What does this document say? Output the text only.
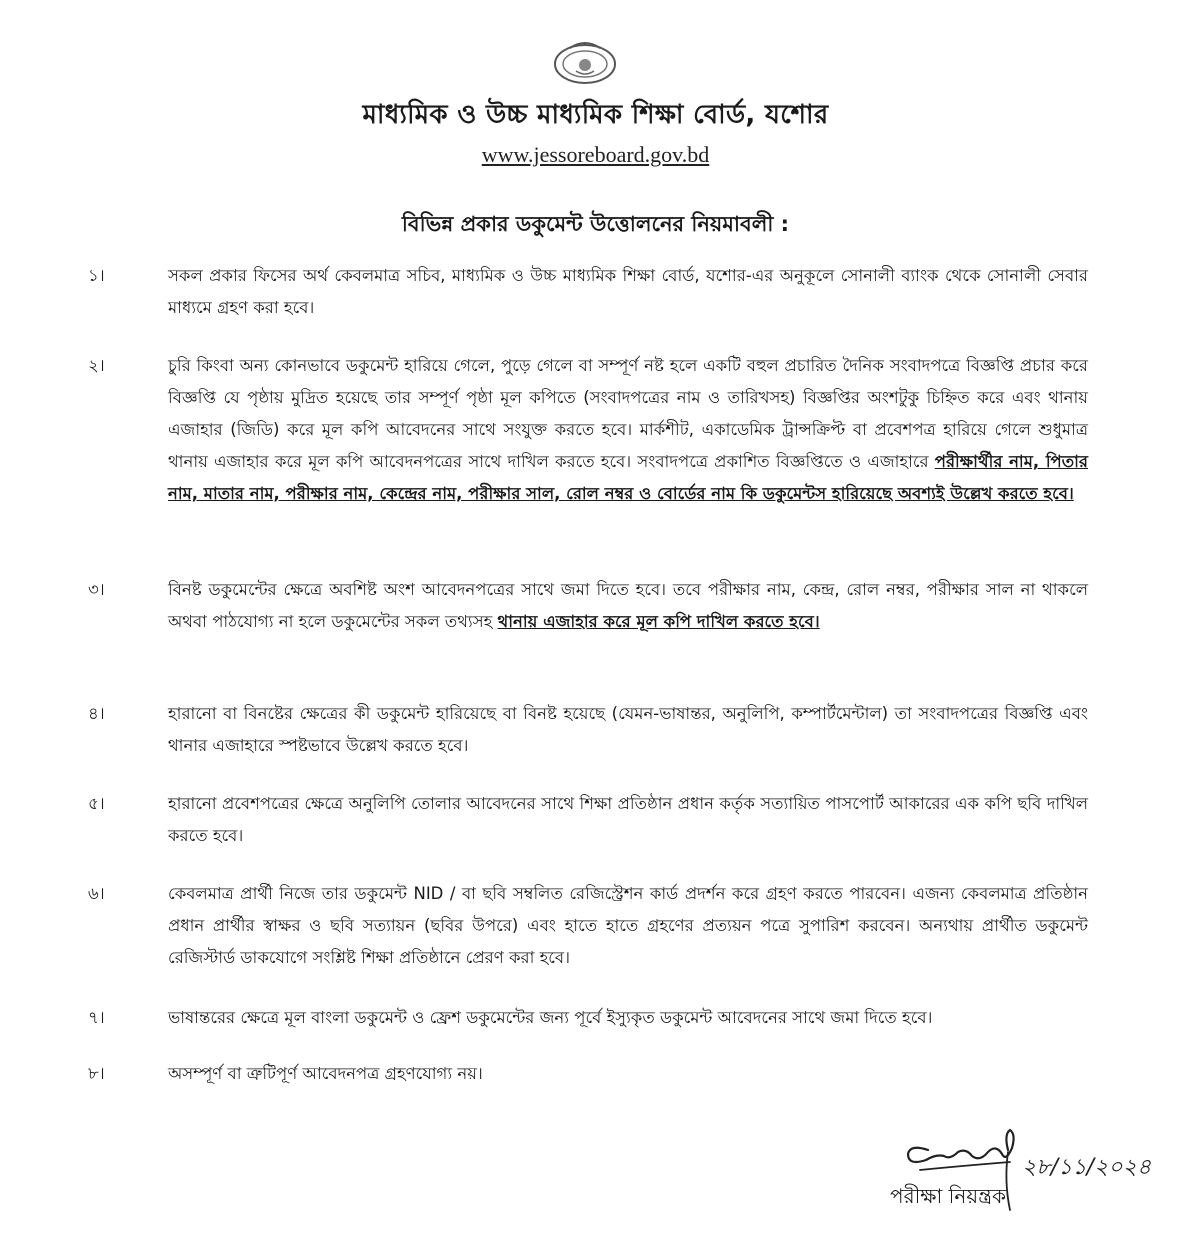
মাধ্যমিক ও উচ্চ মাধ্যমিক শিক্ষা বোর্ড, যশোর
www.jessoreboard.gov.bd
বিভিন্ন প্রকার ডকুমেন্ট উত্তোলনের নিয়মাবলী :
১।	সকল প্রকার ফিসের অর্থ কেবলমাত্র সচিব, মাধ্যমিক ও উচ্চ মাধ্যমিক শিক্ষা বোর্ড, যশোর-এর অনুকূলে সোনালী ব্যাংক থেকে সোনালী সেবার মাধ্যমে গ্রহণ করা হবে।
২।	চুরি কিংবা অন্য কোনভাবে ডকুমেন্ট হারিয়ে গেলে, পুড়ে গেলে বা সম্পূর্ণ নষ্ট হলে একটি বহুল প্রচারিত দৈনিক সংবাদপত্রে বিজ্ঞপ্তি প্রচার করে বিজ্ঞপ্তি যে পৃষ্ঠায় মুদ্রিত হয়েছে তার সম্পূর্ণ পৃষ্ঠা মূল কপিতে (সংবাদপত্রের নাম ও তারিখসহ) বিজ্ঞপ্তির অংশটুকু চিহ্নিত করে এবং থানায় এজাহার (জিডি) করে মূল কপি আবেদনের সাথে সংযুক্ত করতে হবে। মার্কশীট, একাডেমিক ট্রান্সক্রিপ্ট বা প্রবেশপত্র হারিয়ে গেলে শুধুমাত্র থানায় এজাহার করে মূল কপি আবেদনপত্রের সাথে দাখিল করতে হবে। সংবাদপত্রে প্রকাশিত বিজ্ঞপ্তিতে ও এজাহারে পরীক্ষার্থীর নাম, পিতার নাম, মাতার নাম, পরীক্ষার নাম, কেন্দ্রের নাম, পরীক্ষার সাল, রোল নম্বর ও বোর্ডের নাম কি ডকুমেন্টস হারিয়েছে অবশ্যই উল্লেখ করতে হবে।
৩।	বিনষ্ট ডকুমেন্টের ক্ষেত্রে অবশিষ্ট অংশ আবেদনপত্রের সাথে জমা দিতে হবে। তবে পরীক্ষার নাম, কেন্দ্র, রোল নম্বর, পরীক্ষার সাল না থাকলে অথবা পাঠযোগ্য না হলে ডকুমেন্টের সকল তথ্যসহ থানায় এজাহার করে মূল কপি দাখিল করতে হবে।
৪।	হারানো বা বিনষ্টের ক্ষেত্রের কী ডকুমেন্ট হারিয়েছে বা বিনষ্ট হয়েছে (যেমন-ভাষান্তর, অনুলিপি, কম্পার্টমেন্টাল) তা সংবাদপত্রের বিজ্ঞপ্তি এবং থানার এজাহারে স্পষ্টভাবে উল্লেখ করতে হবে।
৫।	হারানো প্রবেশপত্রের ক্ষেত্রে অনুলিপি তোলার আবেদনের সাথে শিক্ষা প্রতিষ্ঠান প্রধান কর্তৃক সত্যায়িত পাসপোর্ট আকারের এক কপি ছবি দাখিল করতে হবে।
৬।	কেবলমাত্র প্রার্থী নিজে তার ডকুমেন্ট NID / বা ছবি সম্বলিত রেজিস্ট্রেশন কার্ড প্রদর্শন করে গ্রহণ করতে পারবেন। এজন্য কেবলমাত্র প্রতিষ্ঠান প্রধান প্রার্থীর স্বাক্ষর ও ছবি সত্যায়ন (ছবির উপরে) এবং হাতে হাতে গ্রহণের প্রত্যয়ন পত্রে সুপারিশ করবেন। অন্যথায় প্রার্থীত ডকুমেন্ট রেজিস্টার্ড ডাকযোগে সংশ্লিষ্ট শিক্ষা প্রতিষ্ঠানে প্রেরণ করা হবে।
৭।	ভাষান্তরের ক্ষেত্রে মূল বাংলা ডকুমেন্ট ও ফ্রেশ ডকুমেন্টের জন্য পূর্বে ইস্যুকৃত ডকুমেন্ট আবেদনের সাথে জমা দিতে হবে।
৮।	অসম্পূর্ণ বা ত্রুটিপূর্ণ আবেদনপত্র গ্রহণযোগ্য নয়।
২৮/১১/২০২৪
পরীক্ষা নিয়ন্ত্রক
